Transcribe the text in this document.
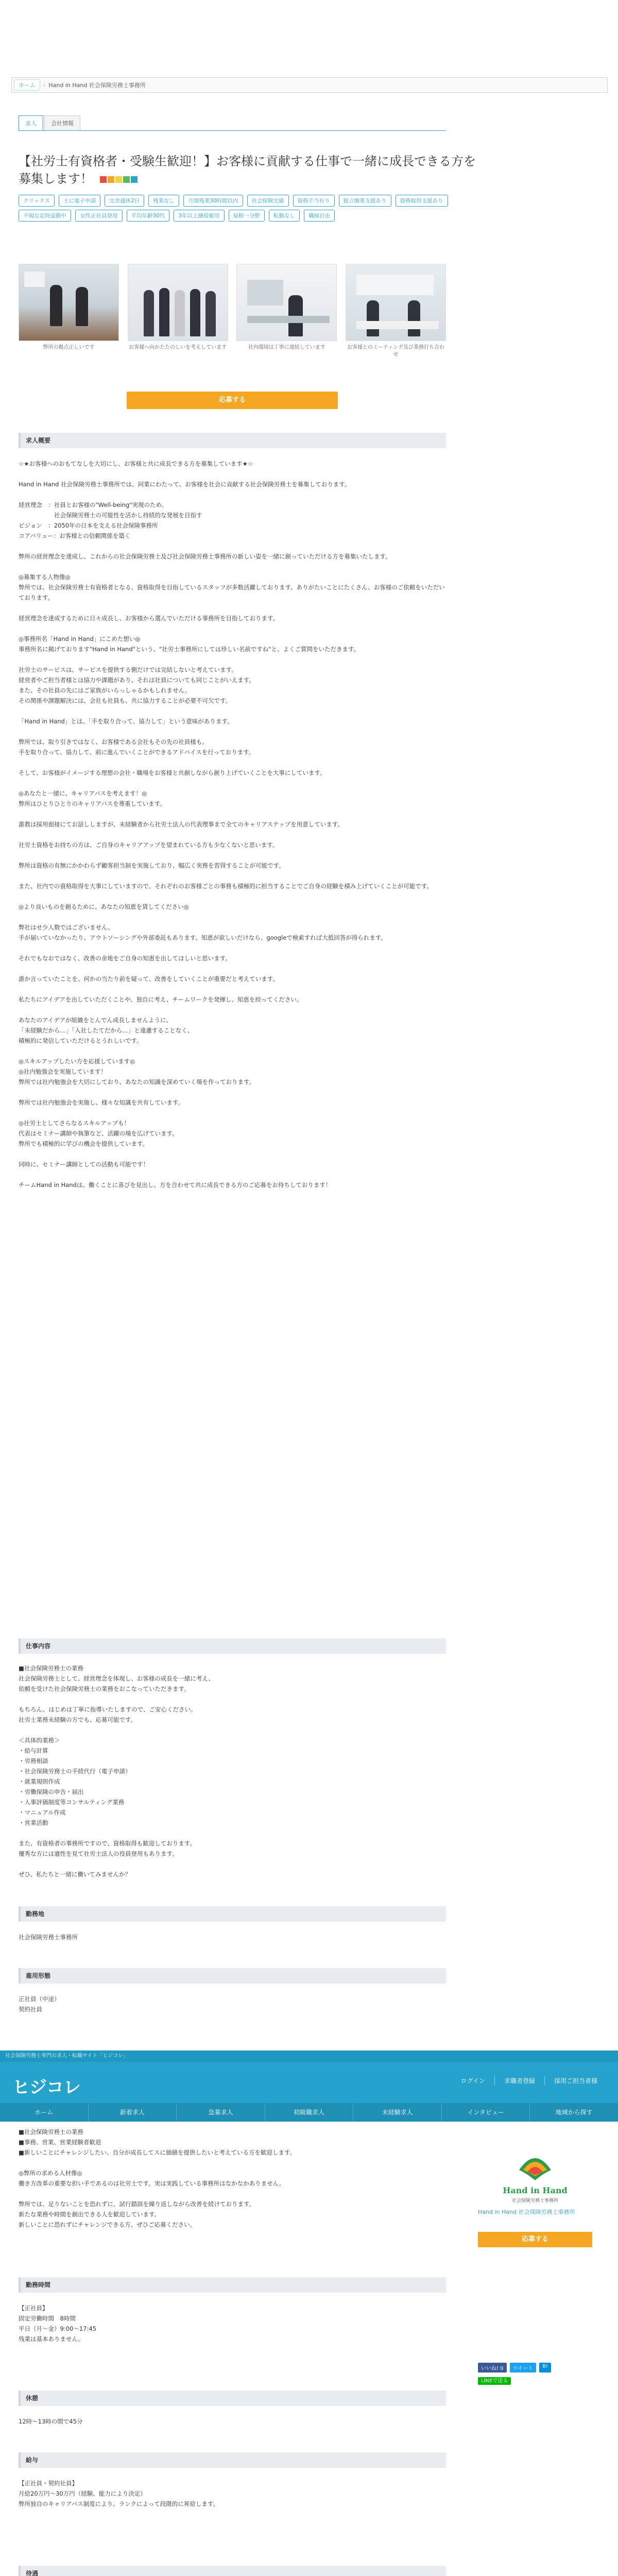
ホーム	› Hand in Hand 社会保険労務士事務所
求人	会社情報
【社労士有資格者・受験生歓迎！】お客様に貢献する仕事で一緒に成長できる方を募集します！
クリックス	土に電子申請	完全週休2日	残業なし	月間残業30時間以内	社会保険完備	資格手当有り	独立開業支援あり	資格取得支援あり
不規な定時退勤中	女性正社員登用	平均年齢30代	3年以上継続雇用	屋根一分野	転勤なし	職域自由
弊所の拠点正しいです	お客様へ向かたたのしいを考えしています	社内環境は丁寧に連続しています	お客様とのミーティング及び業務打ち合わせ
応募する
求人概要
☆★お客様へのおもてなしを大切にし、お客様と共に成長できる方を募集しています★☆

Hand in Hand 社会保険労務士事務所では、同業にわたって、お客様を社会に貢献する社会保険労務士を募集しております。

経営理念　：社員とお客様の"Well-being"実現のため、
　　　　　　社会保険労務士の可能性を活かし持続的な発展を目指す
ビジョン　：2050年の日本を支える社会保険事務所
コアバリュー：お客様との信頼関係を築く

弊所の経営理念を達成し、これからの社会保険労務士及び社会保険労務士事務所の新しい姿を一緒に創っていただける方を募集いたします。

◎募集する人物像◎
弊所では、社会保険労務士有資格者となる、資格取得を目指しているスタッフが多数活躍しております。ありがたいことにたくさん、お客様のご依頼をいただいております。

経営理念を達成するために日々成長し、お客様から選んでいただける事務所を目指しております。

◎事務所名「Hand in Hand」にこめた想い◎
事務所名に掲げております"Hand in Hand"という、"社労士事務所にしては珍しい名前ですね"と、よくご質問をいただきます。

社労士のサービスは、サービスを提供する側だけでは完結しないと考えています。
経営者やご担当者様とは協力や課題があり、それは社員についても同じことがいえます。
また、その社員の先にはご家族がいらっしゃるかもしれません。
その関係や課題解決には、会社も社員も、共に協力することが必要不可欠です。

「Hand in Hand」とは、「手を取り合って、協力して」という意味があります。

弊所では、取り引きではなく、お客様である会社もその先の社員様も、
手を取り合って、協力して、前に進んでいくことができるアドバイスを行っております。

そして、お客様がイメージする理想の会社・職場をお客様と共創しながら創り上げていくことを大事にしています。

◎あなたと一緒に、キャリアパスを考えます！◎
弊所はひとりひとりのキャリアパスを尊重しています。

誰教は採用面接にてお話ししますが、未経験者から社労士法人の代表理事まで全てのキャリアステップを用意しています。

社労士資格をお持ちの方は、ご自身のキャリアアップを望まれている方も少なくないと思います。

弊所は資格の有無にかかわらず顧客担当制を実施しており、幅広く実務を習得することが可能です。

また、社内での資格取得を大事にしていますので、それぞれのお客様ごとの事務も積極的に担当することでご自身の経験を積み上げていくことが可能です。

◎より良いものを創るために、あなたの知恵を貸してください◎

弊社はせ少人数ではございません。
手が届いていなかったり、アウトソーシングや外部委託もあります。知恵が欲しいだけなら、googleで検索すれば大抵回答が得られます。

それでもなおではなく、改善の余地をご自身の知恵を出してほしいと思います。

誰か言っていたことを、何かの当たり前を疑って、改善をしていくことが重要だと考えています。

私たちにアイデアを出していただくことや、独自に考え、チームワークを発揮し、知恵を絞ってください。

あなたのアイデアが組織をとんでん成長しませんように、
「未経験だから…」「入社したてだから…」と遠慮することなく、
積極的に発信していただけるとうれしいです。

◎スキルアップしたい方を応援しています◎
◎社内勉強会を実施しています！
弊所では社内勉強会を大切にしており、あなたの知識を深めていく場を作っております。

弊所では社内勉強会を実施し、様々な知識を共有しています。

◎社労士としてさらなるスキルアップも！
代表はセミナー講師や執筆など、活躍の場を広げています。
弊所でも積極的に学びの機会を提供しています。

同時に、セミナー講師としての活動も可能です！

チームHand in Handは、働くことに喜びを見出し、方を合わせて共に成長できる方のご応募をお待ちしております！
仕事内容
■社会保険労務士の業務
社会保険労務士として、経営理念を体現し、お客様の成長を一緒に考え、
依頼を受けた社会保険労務士の業務をおこなっていただきます。

もちろん、はじめは丁寧に指導いたしますので、ご安心ください。
社労士業務未経験の方でも、応募可能です。

＜具体的業務＞
・給与計算
・労務相談
・社会保険労務士の手続代行（電子申請）
・就業規則作成
・労働保険の申告・届出
・人事評価制度等コンサルティング業務
・マニュアル作成
・営業活動

また、有資格者の事務所ですので、資格取得も歓迎しております。
優秀な方には適性を見て社労士法人の役員登用もあります。

ぜひ、私たちと一緒に働いてみませんか？
勤務地
社会保険労務士事務所
雇用形態
正社員（中途）
契約社員
社会保険労務士専門の求人・転職サイト「ヒジコレ」
ヒジコレ	ログイン	求職者登録	採用ご担当者様
ホーム	新着求人	急募求人	初級職求人	未経験求人	インタビュー	地域から探す
■社会保険労務士の業務
■事務、営業、営業経験者歓迎
■新しいことにチャレンジしたい、自分が成長してスに価値を提供したいと考えている方を歓迎します。

◎弊所の求める人材像◎
働き方改革の重要な担い手であるのは社労士です。実は実践している事務所はなかなかありません。

弊所では、足りないことを恐れずに、試行錯誤を繰り返しながら改善を続けております。
新たな業務や時間を創出できる人を歓迎しています。
新しいことに恐れずにチャレンジできる方、ぜひご応募ください。
勤務時間
【正社員】
固定労働時間　8時間
平日（月〜金）9:00〜17:45
残業は基本ありません。
休憩
12時〜13時の間で45分
給与
【正社員・契約社員】
月給20万円〜30万円（経験、能力により決定）
弊所独自のキャリアパス制度により、ランクによって段階的に昇給します。
待遇
Hand in Hand
社会保険労務士事務所
Hand in Hand 社会保険労務士事務所
応募する
いいね! 0	ツイート	B!
LINEで送る
